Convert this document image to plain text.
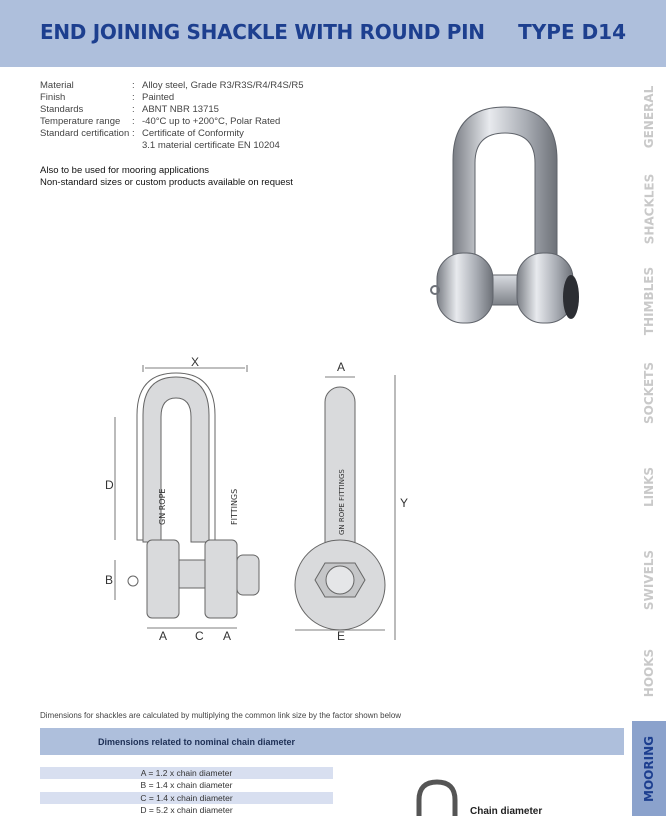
END JOINING SHACKLE WITH ROUND PIN TYPE D14
Material	: Alloy steel, Grade R3/R3S/R4/R4S/R5
Finish	: Painted
Standards	: ABNT NBR 13715
Temperature range	: -40°C up to +200°C, Polar Rated
Standard certification : Certificate of Conformity
3.1 material certificate EN 10204
Also to be used for mooring applications
Non-standard sizes or custom products available on request
X
D
B
A C A
A
Y
E
GN ROPE	FITTINGS	GN ROPE FITTINGS
GENERAL
SHACKLES
THIMBLES
SOCKETS
LINKS
SWIVELS
HOOKS
MOORING
Dimensions for shackles are calculated by multiplying the common link size by the factor shown below
Dimensions related to nominal chain diameter
A = 1.2 x chain diameter
B = 1.4 x chain diameter
C = 1.4 x chain diameter
D = 5.2 x chain diameter	Chain diameter
